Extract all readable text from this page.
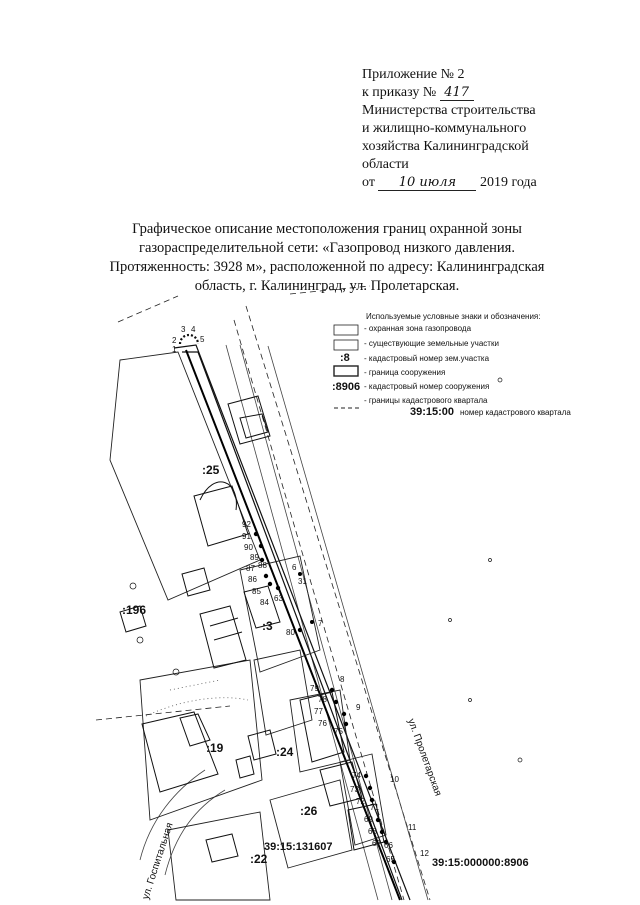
Приложение № 2
к приказу № 417
Министерства строительства
и жилищно-коммунального
хозяйства Калининградской
области
от 10 июля 2019 года
Графическое описание местоположения границ охранной зоны
газораспределительной сети: «Газопровод низкого давления.
Протяженность: 3928 м», расположенной по адресу: Калининградская
область, г. Калининград, ул. Пролетарская.
Используемые условные знаки и обозначения:
- охранная зона газопровода
- существующие земельные участки
:8 - кадастровый номер зем.участка
- граница сооружения
:8906 - кадастровый номер сооружения
- границы кадастрового квартала
39:15:00 номер кадастрового квартала
:25
:196
:3
:19	:24
:26
:22
39:15:131607
39:15:000000:8906
ул. Пролетарская
ул. Госпитальная
1
2
3 4
5
6
7
8
9
10
11
12
31
63
65
66
67
68
69
71
72
73
74
75
76
77
78
79
80
84
85
86
87 88
89
90
91
92
